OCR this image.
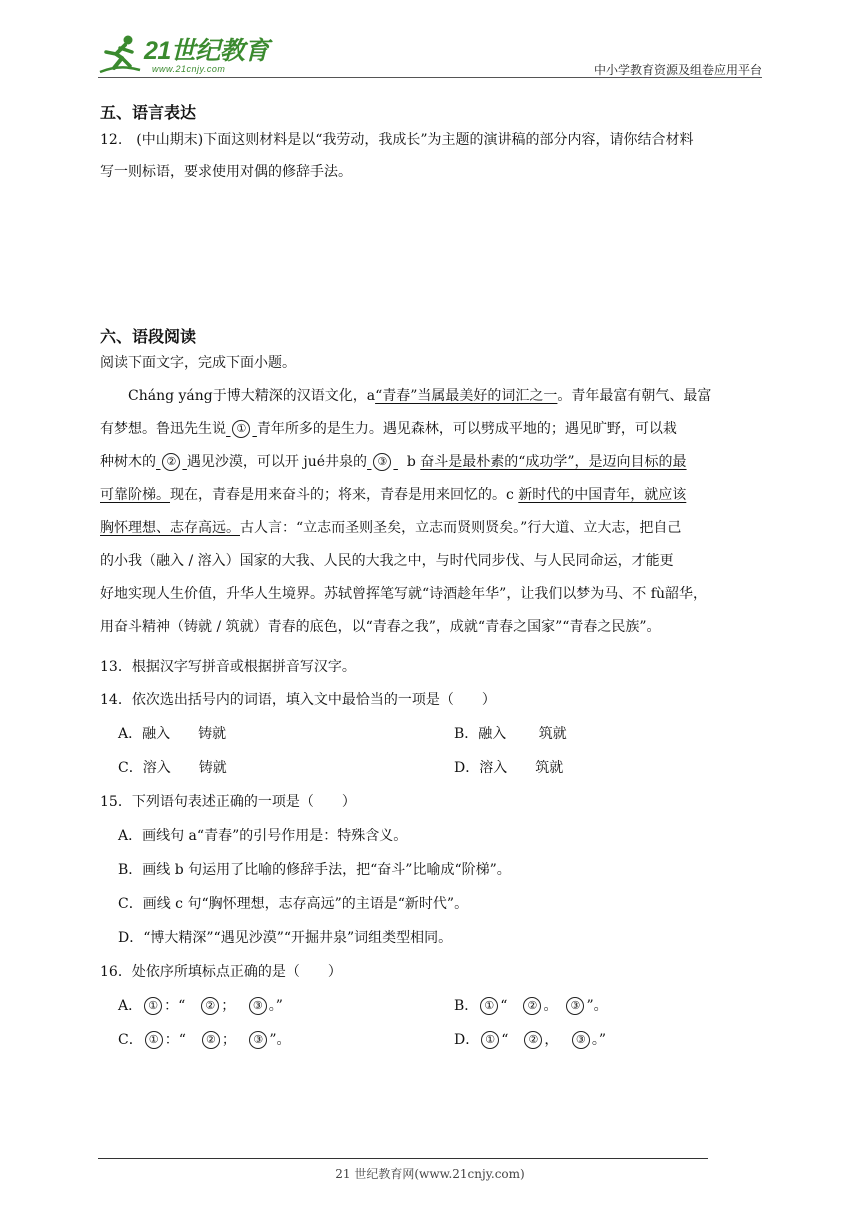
21世纪教育
www.21cnjy.com	中小学教育资源及组卷应用平台
五、语言表达
12.　(中山期末)下面这则材料是以“我劳动，我成长”为主题的演讲稿的部分内容，请你结合材料
写一则标语，要求使用对偶的修辞手法。
六、语段阅读
阅读下面文字，完成下面小题。
Cháng yáng于博大精深的汉语文化，a“青春”当属最美好的词汇之一。青年最富有朝气、最富
有梦想。鲁迅先生说 ① 青年所多的是生力。遇见森林，可以劈成平地的；遇见旷野，可以栽
种树木的 ② 遇见沙漠，可以开 jué井泉的 ③ b 奋斗是最朴素的“成功学”，是迈向目标的最
可靠阶梯。现在，青春是用来奋斗的；将来，青春是用来回忆的。c 新时代的中国青年，就应该
胸怀理想、志存高远。古人言：“立志而圣则圣矣，立志而贤则贤矣。”行大道、立大志，把自己
的小我（融入 / 溶入）国家的大我、人民的大我之中，与时代同步伐、与人民同命运，才能更
好地实现人生价值，升华人生境界。苏轼曾挥笔写就“诗酒趁年华”，让我们以梦为马、不 fù韶华，
用奋斗精神（铸就 / 筑就）青春的底色，以“青春之我”，成就“青春之国家”“青春之民族”。
13．根据汉字写拼音或根据拼音写汉字。
14．依次选出括号内的词语，填入文中最恰当的一项是（　　）
A．融入　　铸就	B．融入　　 筑就
C．溶入　　铸就	D．溶入　　筑就
15．下列语句表述正确的一项是（　　）
A．画线句 a“青春”的引号作用是：特殊含义。
B．画线 b 句运用了比喻的修辞手法，把“奋斗”比喻成“阶梯”。
C．画线 c 句“胸怀理想，志存高远”的主语是“新时代”。
D．“博大精深”“遇见沙漠”“开掘井泉”词组类型相同。
16．处依序所填标点正确的是（　　）
A． ① ：“　② ；　 ③ 。”	B． ① “　② 。　③ ”。
C． ① ：“　② ；　 ③ ”。	D． ① “　② ，　 ③ 。”
21 世纪教育网(www.21cnjy.com)
